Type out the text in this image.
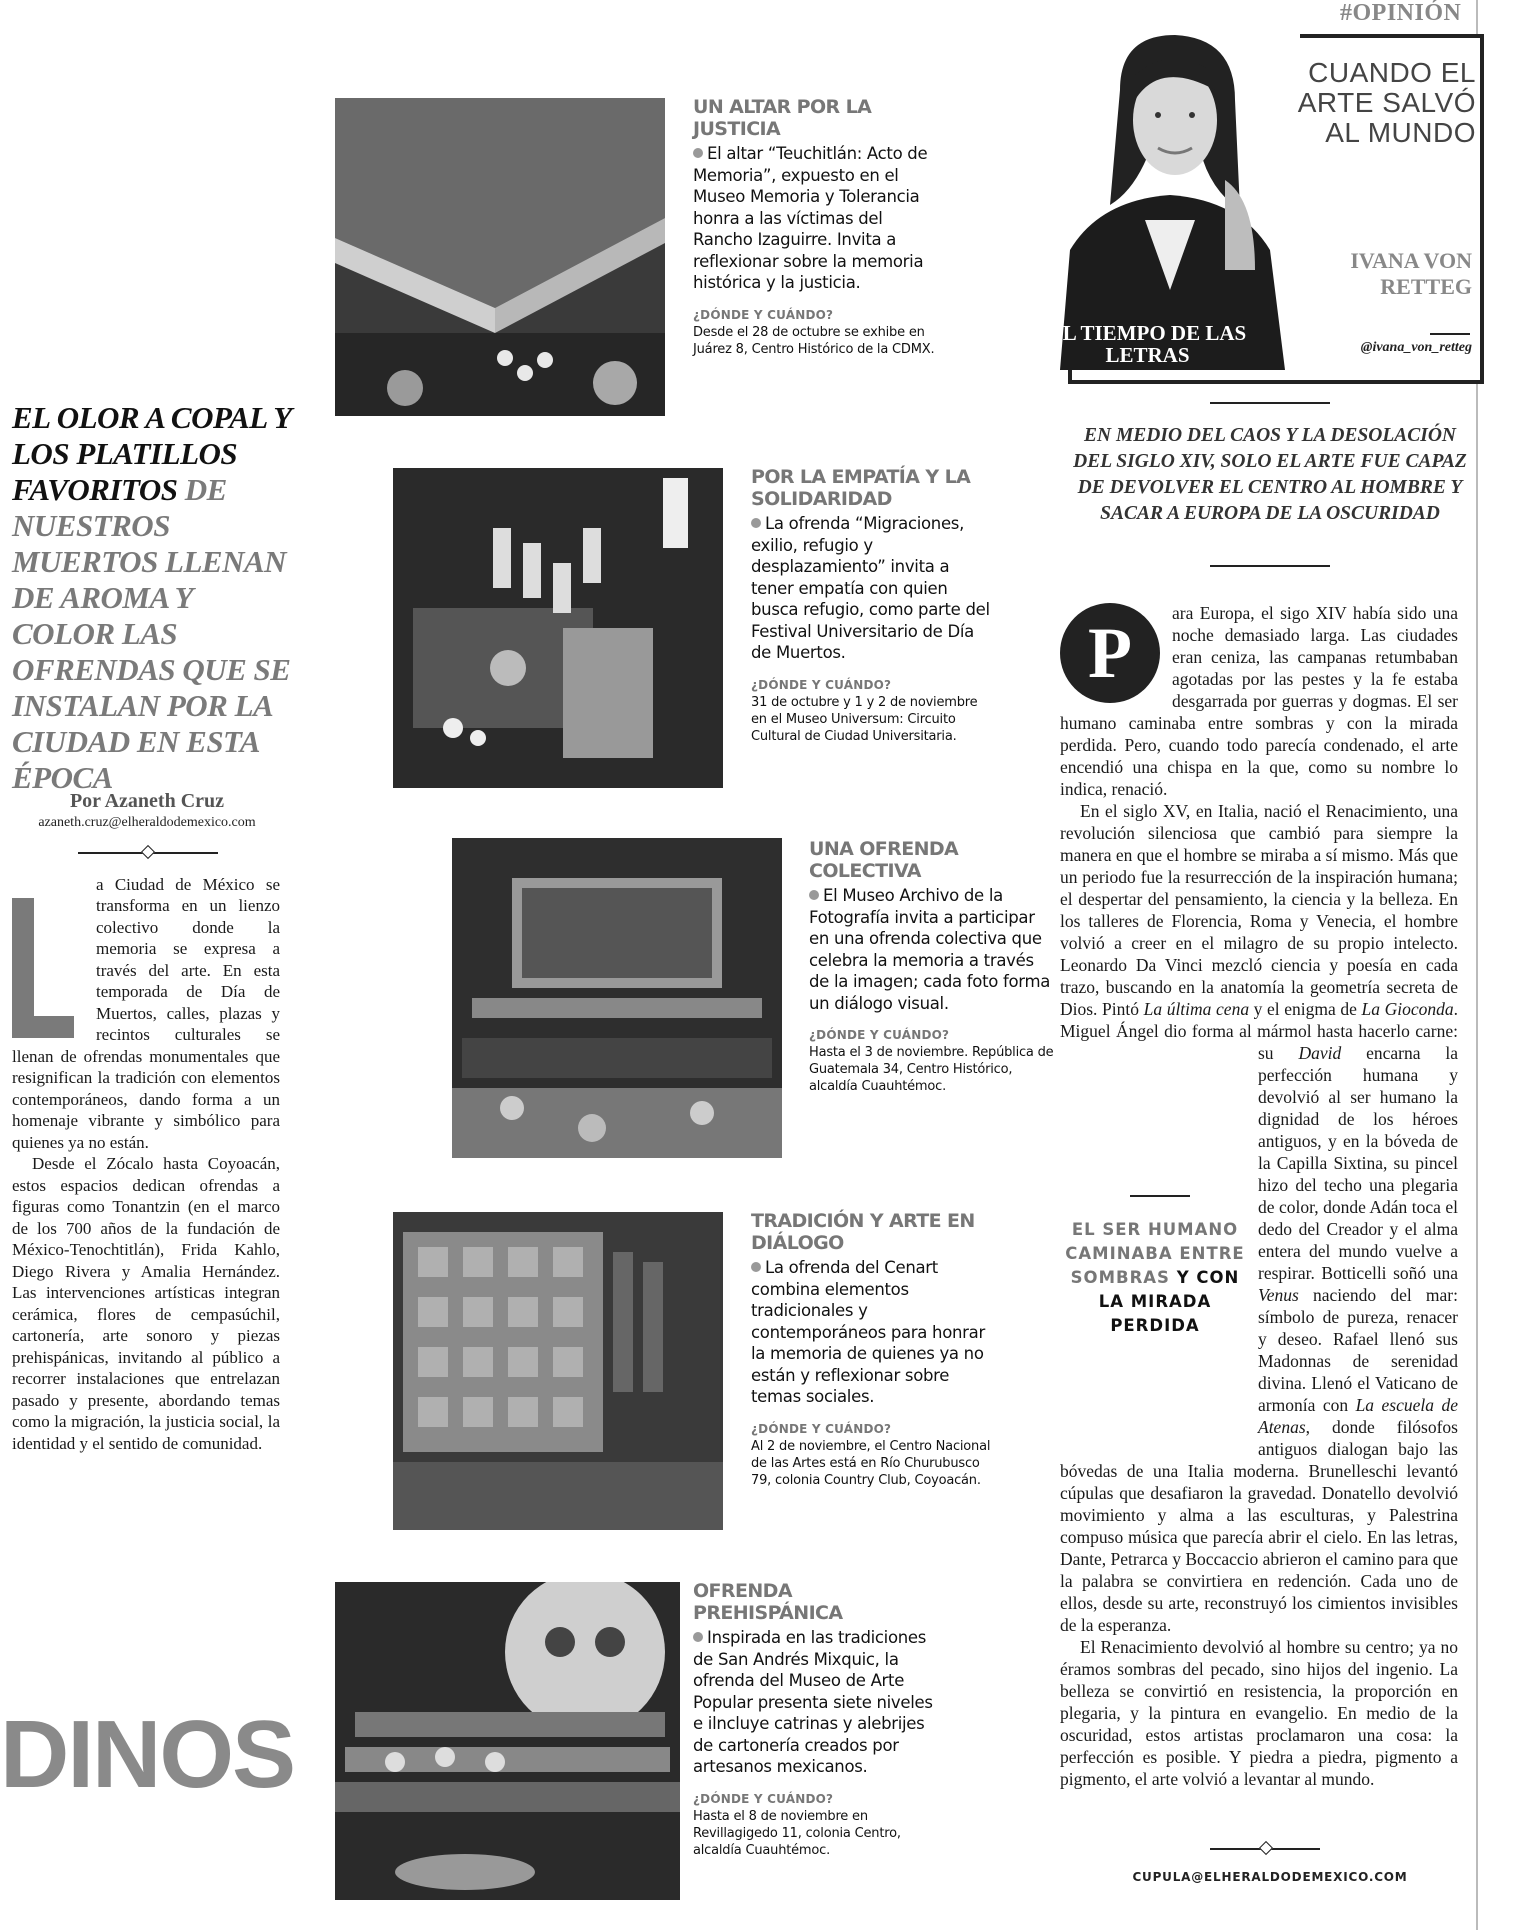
EL OLOR A COPAL Y LOS PLATILLOS FAVORITOS DE NUESTROS MUERTOS LLENAN DE AROMA Y COLOR LAS OFRENDAS QUE SE INSTALAN POR LA CIUDAD EN ESTA ÉPOCA
Por Azaneth Cruz
azaneth.cruz@elheraldodemexico.com
a Ciudad de México se transforma en un lienzo colectivo donde la memoria se expresa a través del arte. En esta temporada de Día de Muertos, calles, plazas y recintos culturales se llenan de ofrendas monumentales que resignifican la tradición con elementos contemporáneos, dando forma a un homenaje vibrante y simbólico para quienes ya no están.
Desde el Zócalo hasta Coyoacán, estos espacios dedican ofrendas a figuras como Tonantzin (en el marco de los 700 años de la fundación de México-Tenochtitlán), Frida Kahlo, Diego Rivera y Amalia Hernández. Las intervenciones artísticas integran cerámica, flores de cempasúchil, cartonería, arte sonoro y piezas prehispánicas, invitando al público a recorrer instalaciones que entrelazan pasado y presente, abordando temas como la migración, la justicia social, la identidad y el sentido de comunidad.
DINOS
UN ALTAR POR LA JUSTICIA
El altar “Teuchitlán: Acto de Memoria”, expuesto en el Museo Memoria y Tolerancia honra a las víctimas del Rancho Izaguirre. Invita a reflexionar sobre la memoria histórica y la justicia.
¿DÓNDE Y CUÁNDO?
Desde el 28 de octubre se exhibe en Juárez 8, Centro Histórico de la CDMX.
POR LA EMPATÍA Y LA SOLIDARIDAD
La ofrenda “Migraciones, exilio, refugio y desplazamiento” invita a tener empatía con quien busca refugio, como parte del Festival Universitario de Día de Muertos.
¿DÓNDE Y CUÁNDO?
31 de octubre y 1 y 2 de noviembre en el Museo Universum: Circuito Cultural de Ciudad Universitaria.
UNA OFRENDA COLECTIVA
El Museo Archivo de la Fotografía invita a participar en una ofrenda colectiva que celebra la memoria a través de la imagen; cada foto forma un diálogo visual.
¿DÓNDE Y CUÁNDO?
Hasta el 3 de noviembre. República de Guatemala 34, Centro Histórico, alcaldía Cuauhtémoc.
TRADICIÓN Y ARTE EN DIÁLOGO
La ofrenda del Cenart combina elementos tradicionales y contemporáneos para honrar la memoria de quienes ya no están y reflexionar sobre temas sociales.
¿DÓNDE Y CUÁNDO?
Al 2 de noviembre, el Centro Nacional de las Artes está en Río Churubusco 79, colonia Country Club, Coyoacán.
OFRENDA PREHISPÁNICA
Inspirada en las tradiciones de San Andrés Mixquic, la ofrenda del Museo de Arte Popular presenta siete niveles e ilncluye catrinas y alebrijes de cartonería creados por artesanos mexicanos.
¿DÓNDE Y CUÁNDO?
Hasta el 8 de noviembre en Revillagigedo 11, colonia Centro, alcaldía Cuauhtémoc.
#OPINIÓN
EL TIEMPO DE LAS LETRAS
CUANDO EL ARTE SALVÓ AL MUNDO
IVANA VON RETTEG
@ivana_von_retteg
EN MEDIO DEL CAOS Y LA DESOLACIÓN DEL SIGLO XIV, SOLO EL ARTE FUE CAPAZ DE DEVOLVER EL CENTRO AL HOMBRE Y SACAR A EUROPA DE LA OSCURIDAD

ara Europa, el sigo XIV había sido una noche demasiado larga. Las ciudades eran ceniza, las campanas retumbaban agotadas por las pestes y la fe estaba desgarrada por guerras y dogmas. El ser humano caminaba entre sombras y con la mirada perdida. Pero, cuando todo parecía condenado, el arte encendió una chispa en la que, como su nombre lo indica, renació.

En el siglo XV, en Italia, nació el Renacimiento, una revolución silenciosa que cambió para siempre la manera en que el hombre se miraba a sí mismo. Más que un periodo fue la resurrección de la inspiración humana; el despertar del pensamiento, la ciencia y la belleza. En los talleres de Florencia, Roma y Venecia, el hombre volvió a creer en el milagro de su propio intelecto. Leonardo Da Vinci mezcló ciencia y poesía en cada trazo, buscando en la anatomía la geometría secreta de Dios. Pintó La última cena y el enigma de La Gioconda. Miguel Ángel dio forma al mármol hasta hacerlo carne: su David
encarna la perfección humana y devolvió al ser humano la dignidad de los héroes antiguos, y en la bóveda de la Capilla Sixtina, su pincel hizo del techo una plegaria de color, donde Adán toca el dedo del Creador y el alma entera del mundo vuelve a respirar. Botticelli soñó una Venus naciendo del mar: símbolo de pureza, renacer y deseo. Rafael llenó sus Madonnas de serenidad divina. Llenó el Vaticano de armonía con La escuela de Atenas, donde filósofos antiguos dialogan bajo las bóvedas de una Italia moderna. Brunelleschi levantó cúpulas que desafiaron la gravedad. Donatello devolvió movimiento y alma a las esculturas, y Palestrina compuso música que parecía abrir el cielo. En las letras, Dante, Petrarca y Boccaccio abrieron el camino para que la palabra se convirtiera en redención. Cada uno de ellos, desde su arte, reconstruyó los cimientos invisibles de la esperanza.

El Renacimiento devolvió al hombre su centro; ya no éramos sombras del pecado, sino hijos del ingenio. La belleza se convirtió en resistencia, la proporción en plegaria, y la pintura en evangelio. En medio de la oscuridad, estos artistas proclamaron una cosa: la perfección es posible. Y piedra a piedra, pigmento a pigmento, el arte volvió a levantar al mundo.

P
EL SER HUMANO CAMINABA ENTRE SOMBRAS Y CON LA MIRADA PERDIDA
CUPULA@ELHERALDODEMEXICO.COM
